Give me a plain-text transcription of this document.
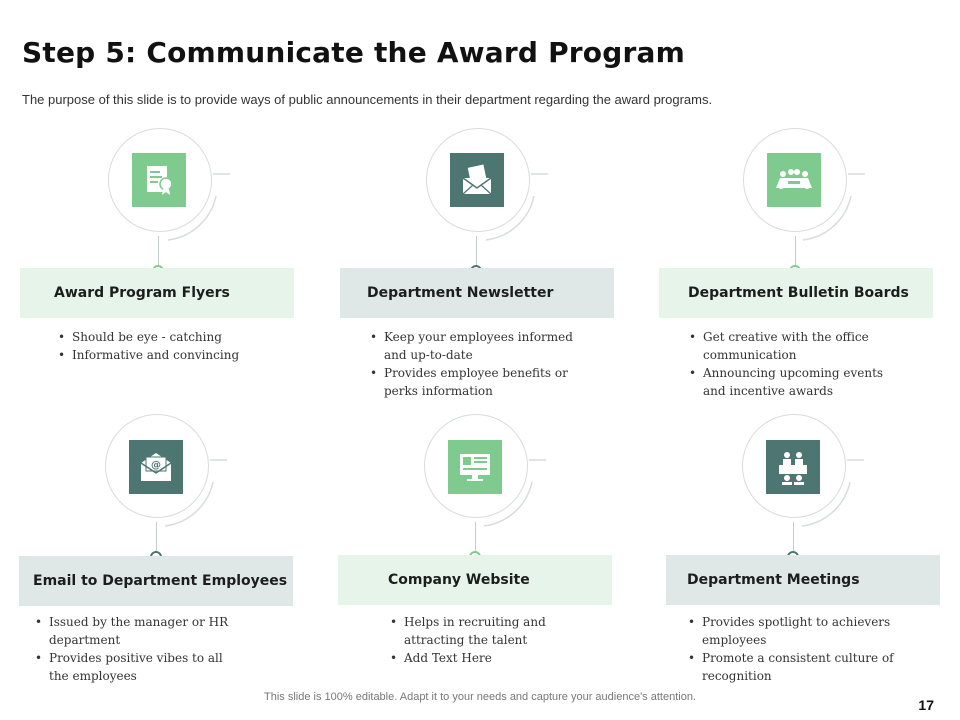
Step 5: Communicate the Award Program
The purpose of this slide is to provide ways of public announcements in their department regarding the award programs.
Award Program Flyers
• Should be eye - catching
• Informative and convincing
Department Newsletter
• Keep your employees informed and up-to-date
• Provides employee benefits or perks information
Department Bulletin Boards
• Get creative with the office communication
• Announcing upcoming events and incentive awards
@
Email to Department Employees
• Issued by the manager or HR department
• Provides positive vibes to all the employees
Company Website
• Helps in recruiting and attracting the talent
• Add Text Here
Department Meetings
• Provides spotlight to achievers employees
• Promote a consistent culture of recognition
This slide is 100% editable. Adapt it to your needs and capture your audience's attention.	17
